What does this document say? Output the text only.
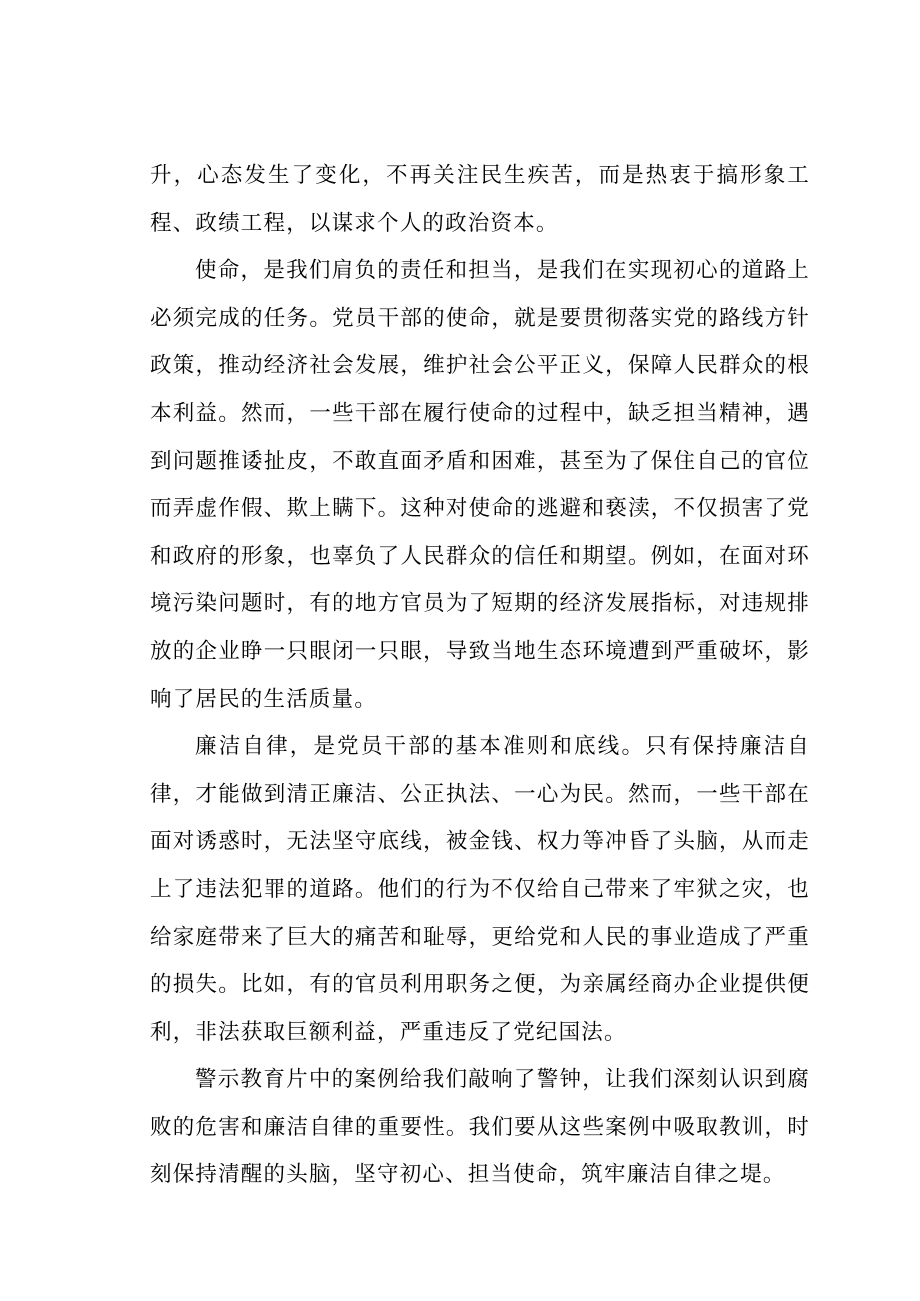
升，心态发生了变化，不再关注民生疾苦，而是热衷于搞形象工程、政绩工程，以谋求个人的政治资本。

使命，是我们肩负的责任和担当，是我们在实现初心的道路上必须完成的任务。党员干部的使命，就是要贯彻落实党的路线方针政策，推动经济社会发展，维护社会公平正义，保障人民群众的根本利益。然而，一些干部在履行使命的过程中，缺乏担当精神，遇到问题推诿扯皮，不敢直面矛盾和困难，甚至为了保住自己的官位而弄虚作假、欺上瞒下。这种对使命的逃避和亵渎，不仅损害了党和政府的形象，也辜负了人民群众的信任和期望。例如，在面对环境污染问题时，有的地方官员为了短期的经济发展指标，对违规排放的企业睁一只眼闭一只眼，导致当地生态环境遭到严重破坏，影响了居民的生活质量。

廉洁自律，是党员干部的基本准则和底线。只有保持廉洁自律，才能做到清正廉洁、公正执法、一心为民。然而，一些干部在面对诱惑时，无法坚守底线，被金钱、权力等冲昏了头脑，从而走上了违法犯罪的道路。他们的行为不仅给自己带来了牢狱之灾，也给家庭带来了巨大的痛苦和耻辱，更给党和人民的事业造成了严重的损失。比如，有的官员利用职务之便，为亲属经商办企业提供便利，非法获取巨额利益，严重违反了党纪国法。

警示教育片中的案例给我们敲响了警钟，让我们深刻认识到腐败的危害和廉洁自律的重要性。我们要从这些案例中吸取教训，时刻保持清醒的头脑，坚守初心、担当使命，筑牢廉洁自律之堤。
